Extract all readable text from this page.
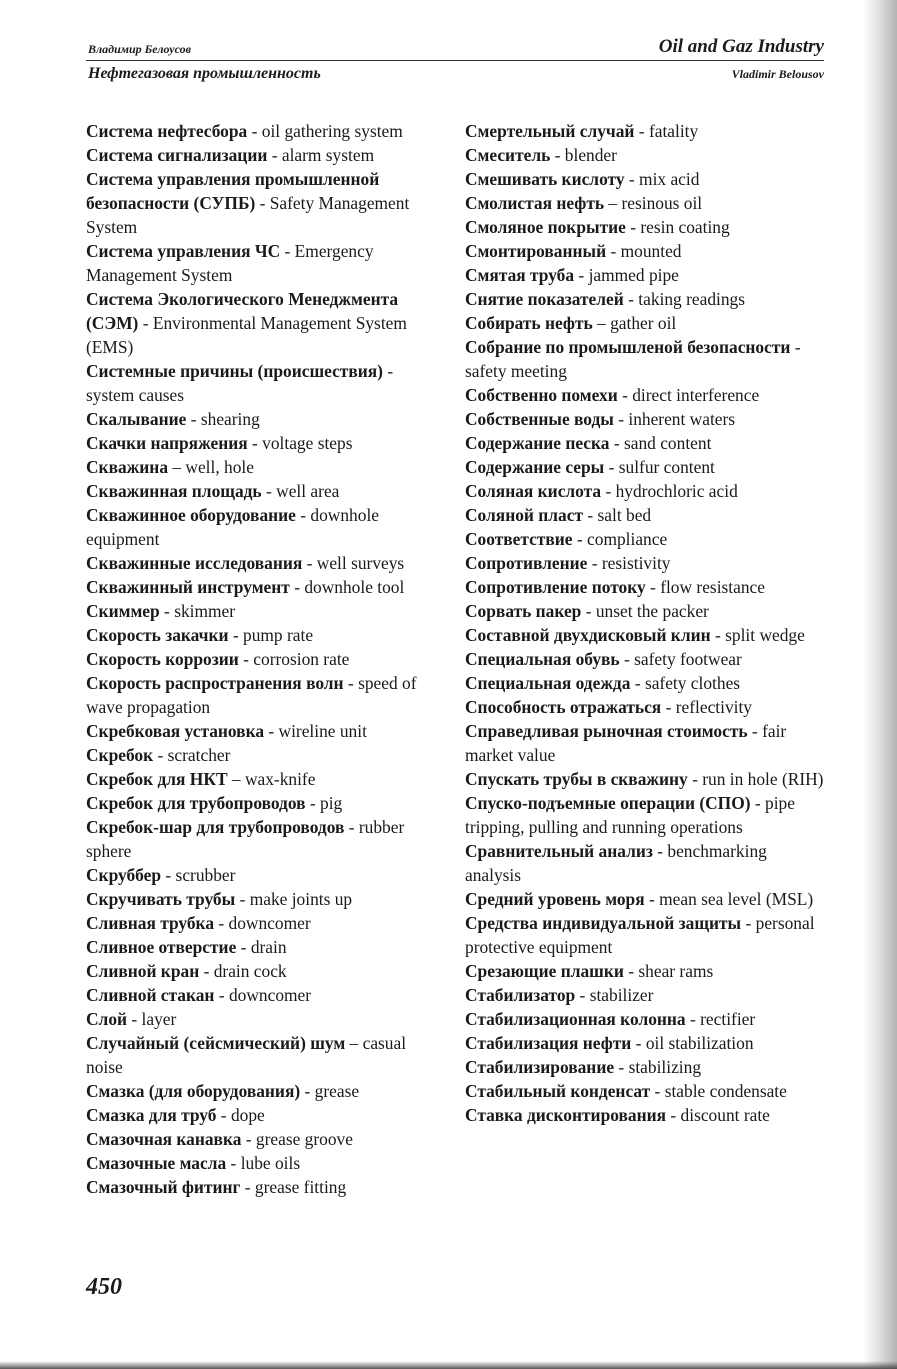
Владимир Белоусов	Oil and Gaz Industry
Нефтегазовая промышленность	Vladimir Belousov

Система нефтесбора - oil gathering system

Система сигнализации - alarm system

Система управления промышленной безопасности (СУПБ) - Safety Management System

Система управления ЧС - Emergency Management System

Система Экологического Менеджмента (СЭМ) - Environmental Management System (EMS)

Системные причины (происшествия) - system causes

Скалывание - shearing

Скачки напряжения - voltage steps

Скважина – well, hole

Скважинная площадь - well area

Скважинное оборудование - downhole equipment

Скважинные исследования - well surveys

Скважинный инструмент - downhole tool

Скиммер - skimmer

Скорость закачки - pump rate

Скорость коррозии - corrosion rate

Скорость распространения волн - speed of wave propagation

Скребковая установка - wireline unit

Скребок - scratcher

Скребок для НКТ – wax-knife

Скребок для трубопроводов - pig

Скребок-шар для трубопроводов - rubber sphere

Скруббер - scrubber

Скручивать трубы - make joints up

Сливная трубка - downcomer

Сливное отверстие - drain

Сливной кран - drain cock

Сливной стакан - downcomer

Слой - layer

Случайный (сейсмический) шум – casual noise

Смазка (для оборудования) - grease

Смазка для труб - dope

Смазочная канавка - grease groove

Смазочные масла - lube oils

Смазочный фитинг - grease fitting

Смертельный случай - fatality

Смеситель - blender

Смешивать кислоту - mix acid

Смолистая нефть – resinous oil

Смоляное покрытие - resin coating

Смонтированный - mounted

Смятая труба - jammed pipe

Снятие показателей - taking readings

Собирать нефть – gather oil

Собрание по промышленой безопасности - safety meeting

Собственно помехи - direct interference

Собственные воды - inherent waters

Содержание песка - sand content

Содержание серы - sulfur content

Соляная кислота - hydrochloric acid

Соляной пласт - salt bed

Соответствие - compliance

Сопротивление - resistivity

Сопротивление потоку - flow resistance

Сорвать пакер - unset the packer

Составной двухдисковый клин - split wedge

Специальная обувь - safety footwear

Специальная одежда - safety clothes

Способность отражаться - reflectivity

Справедливая рыночная стоимость - fair market value

Спускать трубы в скважину - run in hole (RIH)

Спуско-подъемные операции (СПО) - pipe tripping, pulling and running operations

Сравнительный анализ - benchmarking analysis

Средний уровень моря - mean sea level (MSL)

Средства индивидуальной защиты - personal protective equipment

Срезающие плашки - shear rams

Стабилизатор - stabilizer

Стабилизационная колонна - rectifier

Стабилизация нефти - oil stabilization

Стабилизирование - stabilizing

Стабильный конденсат - stable condensate

Ставка дисконтирования - discount rate

450
